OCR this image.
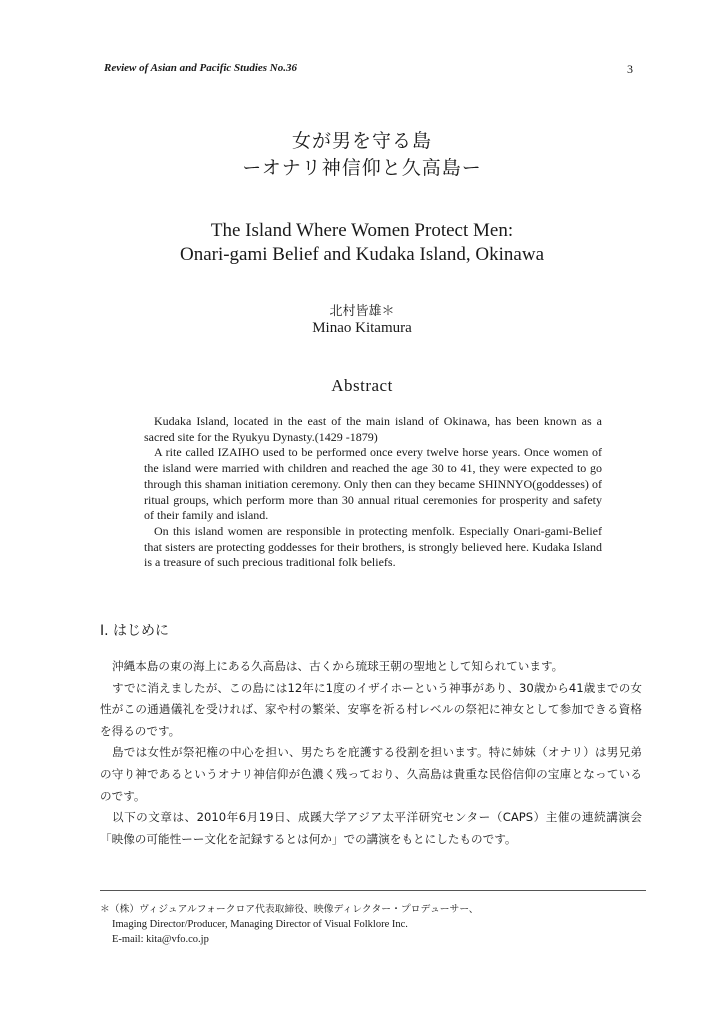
Review of Asian and Pacific Studies No.36	3
女が男を守る島
ーオナリ神信仰と久高島ー
The Island Where Women Protect Men:
Onari-gami Belief and Kudaka Island, Okinawa
北村皆雄＊
Minao Kitamura
Abstract

Kudaka Island, located in the east of the main island of Okinawa, has been known as a sacred site for the Ryukyu Dynasty.(1429 -1879)

A rite called IZAIHO used to be performed once every twelve horse years. Once women of the island were married with children and reached the age 30 to 41, they were expected to go through this shaman initiation ceremony. Only then can they became SHINNYO(goddesses) of ritual groups, which perform more than 30 annual ritual ceremonies for prosperity and safety of their family and island.

On this island women are responsible in protecting menfolk. Especially Onari-gami-Belief that sisters are protecting goddesses for their brothers, is strongly believed here. Kudaka Island is a treasure of such precious traditional folk beliefs.

I. はじめに

沖縄本島の東の海上にある久高島は、古くから琉球王朝の聖地として知られています。

すでに消えましたが、この島には12年に1度のイザイホーという神事があり、30歳から41歳までの女性がこの通過儀礼を受ければ、家や村の繁栄、安寧を祈る村レベルの祭祀に神女として参加できる資格を得るのです。

島では女性が祭祀権の中心を担い、男たちを庇護する役割を担います。特に姉妹（オナリ）は男兄弟の守り神であるというオナリ神信仰が色濃く残っており、久高島は貴重な民俗信仰の宝庫となっているのです。

以下の文章は、2010年6月19日、成蹊大学アジア太平洋研究センター（CAPS）主催の連続講演会「映像の可能性ーー文化を記録するとは何か」での講演をもとにしたものです。

＊（株）ヴィジュアルフォークロア代表取締役、映像ディレクター・プロデューサー、
Imaging Director/Producer, Managing Director of Visual Folklore Inc.
E-mail: kita@vfo.co.jp
